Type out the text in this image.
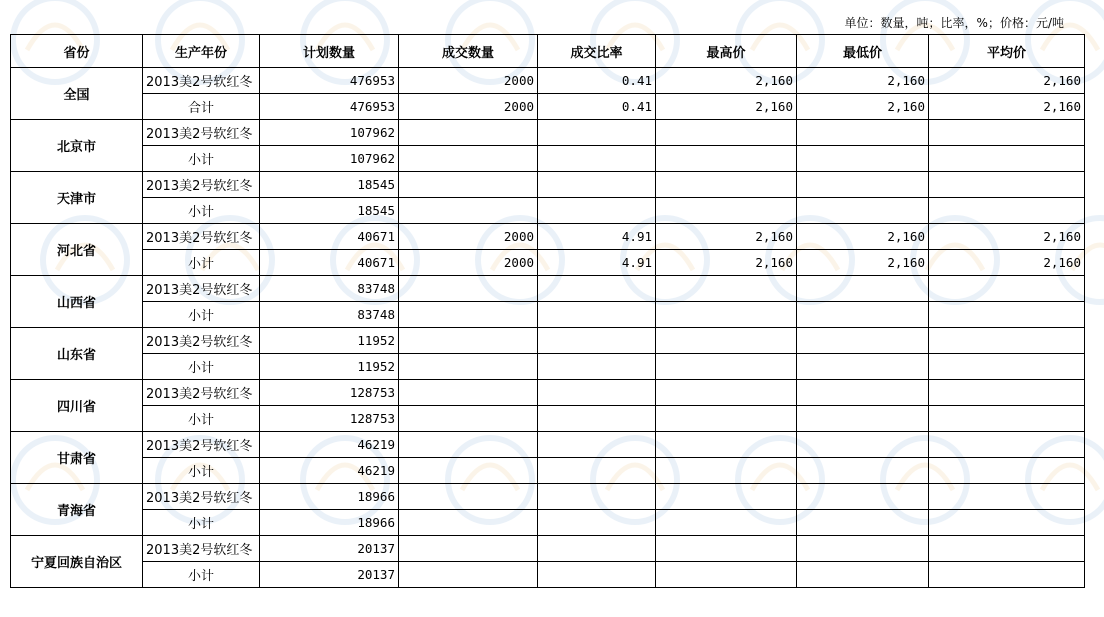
单位：数量，吨；比率，%；价格：元/吨
省份	生产年份	计划数量	成交数量	成交比率	最高价	最低价	平均价
全国	2013美2号软红冬	476953	2000	0.41	2,160	2,160	2,160
	合计	476953	2000	0.41	2,160	2,160	2,160
北京市	2013美2号软红冬	107962					
	小计	107962					
天津市	2013美2号软红冬	18545					
	小计	18545					
河北省	2013美2号软红冬	40671	2000	4.91	2,160	2,160	2,160
	小计	40671	2000	4.91	2,160	2,160	2,160
山西省	2013美2号软红冬	83748					
	小计	83748					
山东省	2013美2号软红冬	11952					
	小计	11952					
四川省	2013美2号软红冬	128753					
	小计	128753					
甘肃省	2013美2号软红冬	46219					
	小计	46219					
青海省	2013美2号软红冬	18966					
	小计	18966					
宁夏回族自治区	2013美2号软红冬	20137					
	小计	20137					
